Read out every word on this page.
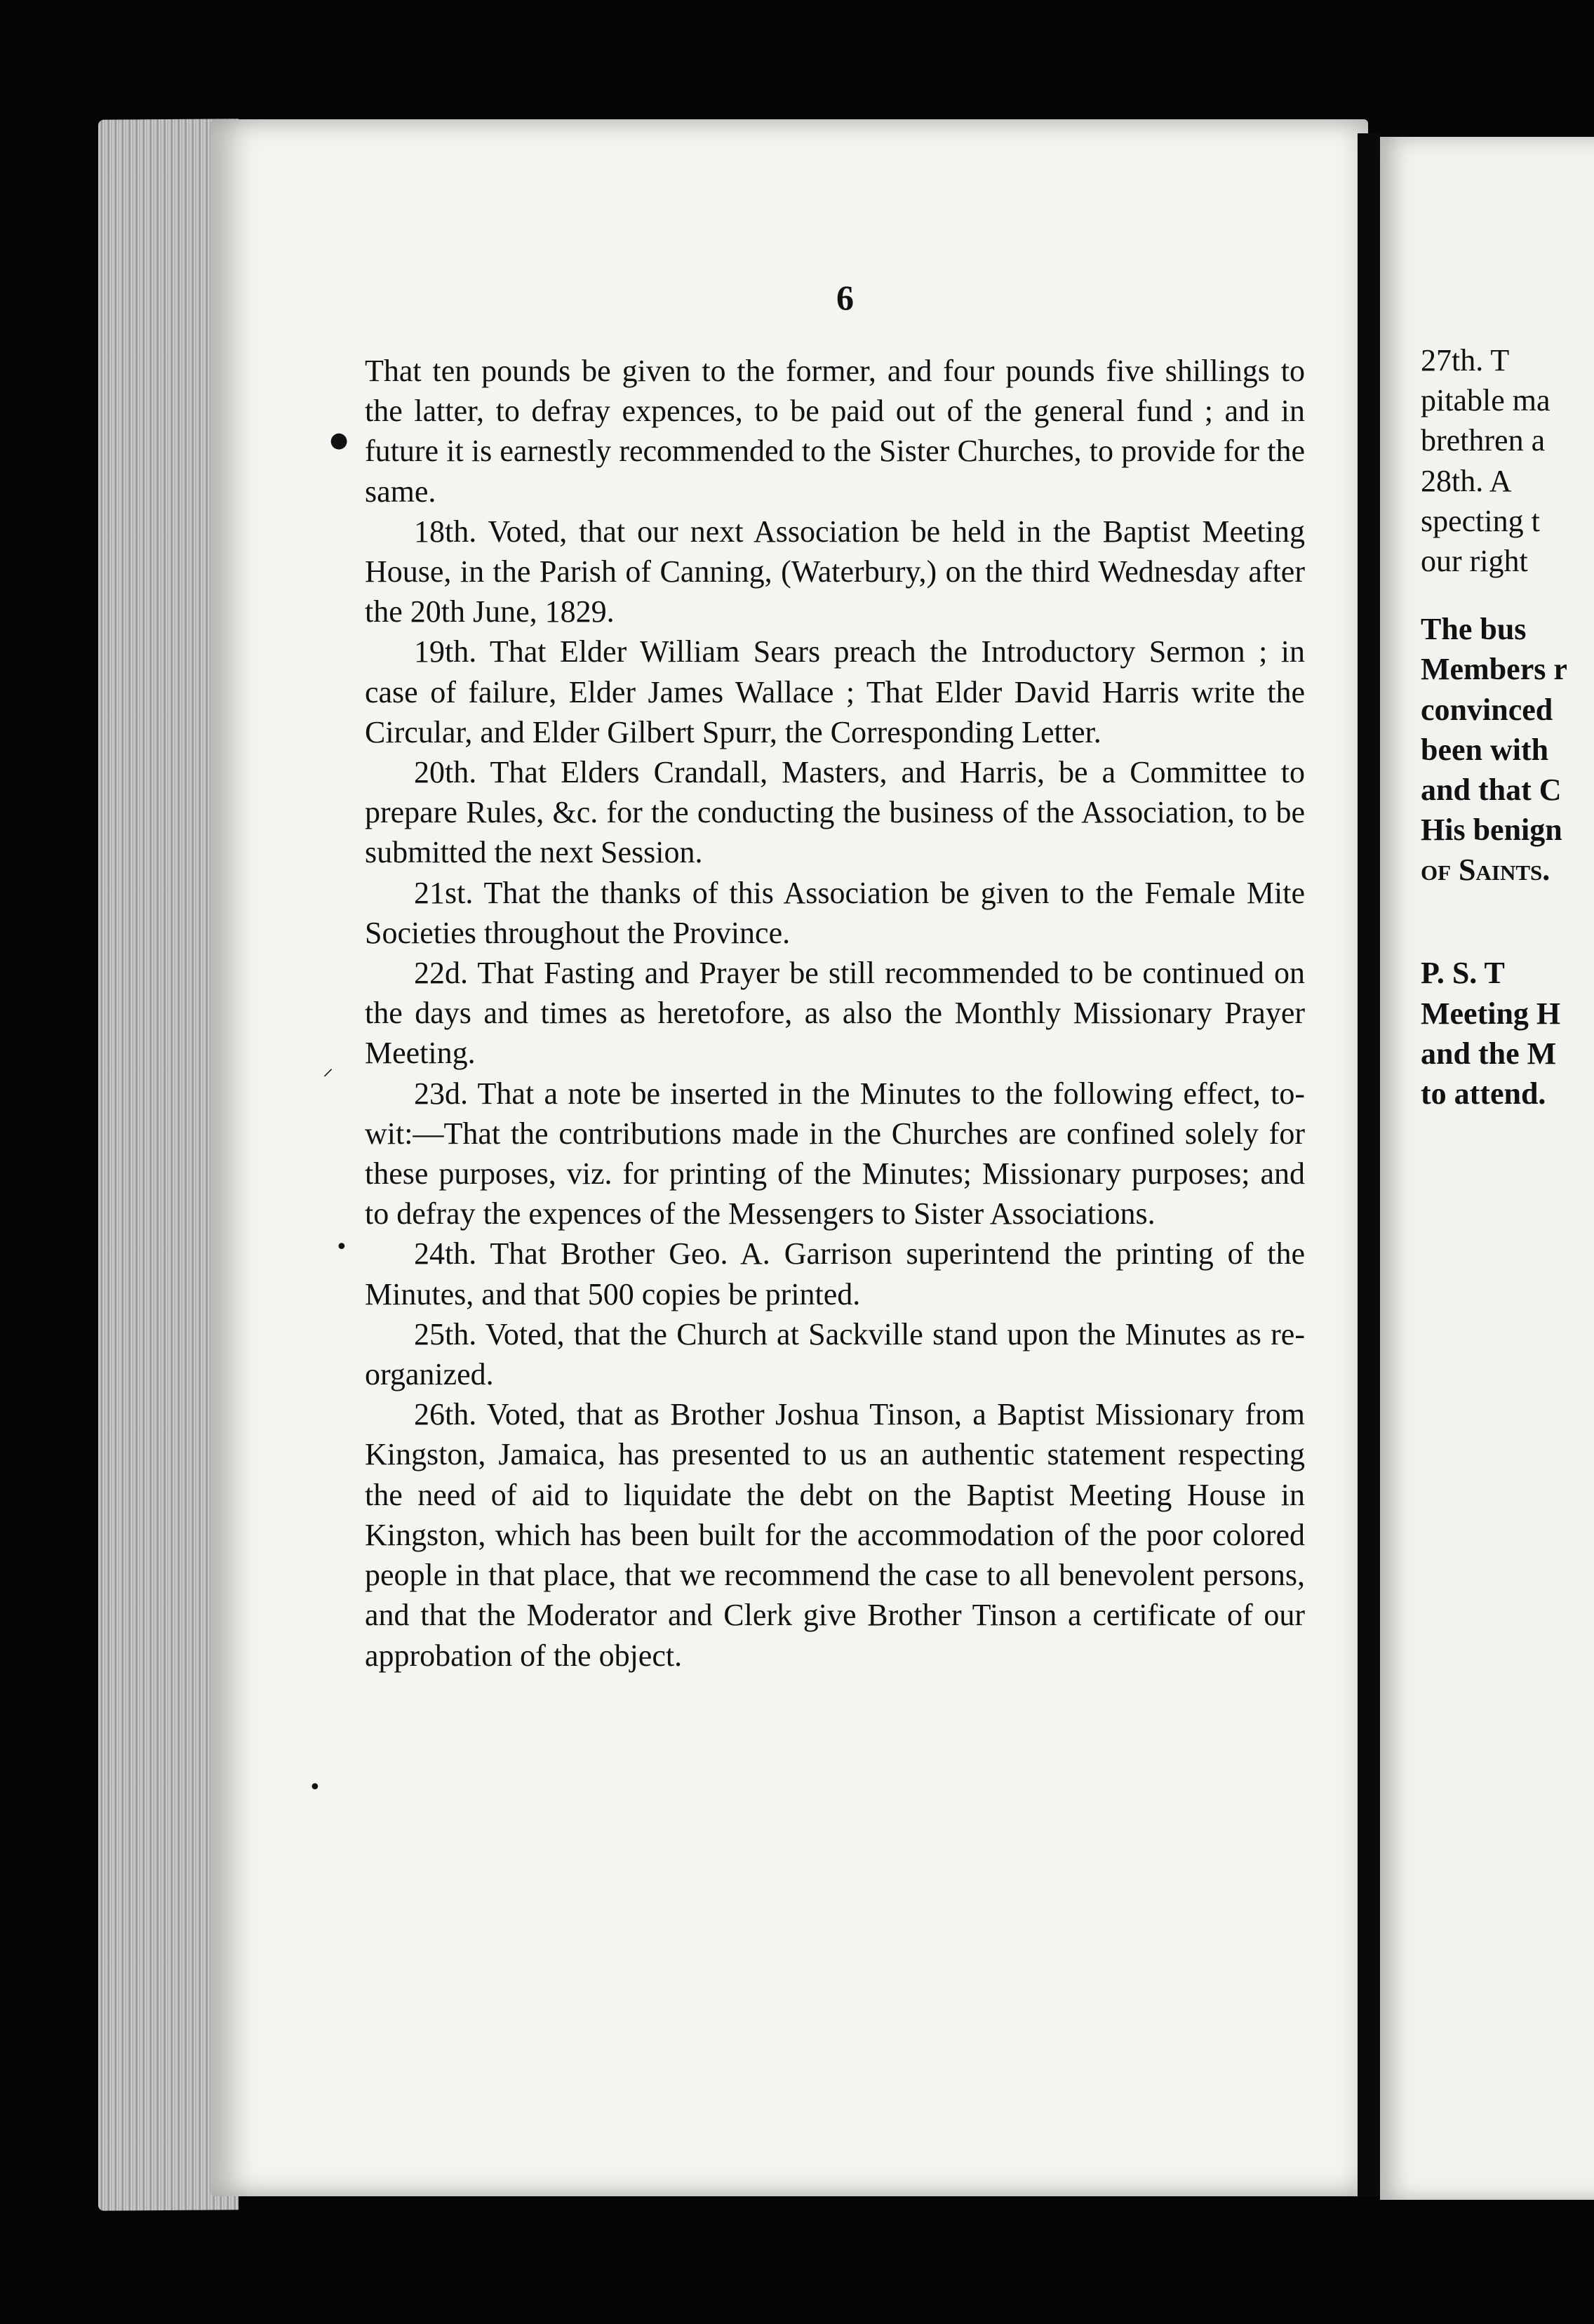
6
●
⸝
•
•

That ten pounds be given to the former, and four pounds five shillings to the latter, to defray expences, to be paid out of the general fund ; and in future it is earnestly recommended to the Sister Churches, to provide for the same.

18th. Voted, that our next Association be held in the Baptist Meeting House, in the Parish of Canning, (Waterbury,) on the third Wednesday after the 20th June, 1829.

19th. That Elder William Sears preach the Introductory Sermon ; in case of failure, Elder James Wallace ; That Elder David Harris write the Circular, and Elder Gilbert Spurr, the Corresponding Letter.

20th. That Elders Crandall, Masters, and Harris, be a Committee to prepare Rules, &c. for the conducting the business of the Association, to be submitted the next Session.

21st. That the thanks of this Association be given to the Female Mite Societies throughout the Province.

22d. That Fasting and Prayer be still recommended to be continued on the days and times as heretofore, as also the Monthly Missionary Prayer Meeting.

23d. That a note be inserted in the Minutes to the following effect, to-wit:—That the contributions made in the Churches are confined solely for these purposes, viz. for printing of the Minutes; Missionary purposes; and to defray the expences of the Messengers to Sister Associations.

24th. That Brother Geo. A. Garrison superintend the printing of the Minutes, and that 500 copies be printed.

25th. Voted, that the Church at Sackville stand upon the Minutes as re-organized.

26th. Voted, that as Brother Joshua Tinson, a Baptist Missionary from Kingston, Jamaica, has presented to us an authentic statement respecting the need of aid to liquidate the debt on the Baptist Meeting House in Kingston, which has been built for the accommodation of the poor colored people in that place, that we recommend the case to all benevolent persons, and that the Moderator and Clerk give Brother Tinson a certificate of our approbation of the object.

27th. T
pitable ma
brethren a
28th. A
specting t
our right
The bus
Members r
convinced
been with
and that C
His benign
of Saints.
P. S. T
Meeting H
and the M
to attend.
